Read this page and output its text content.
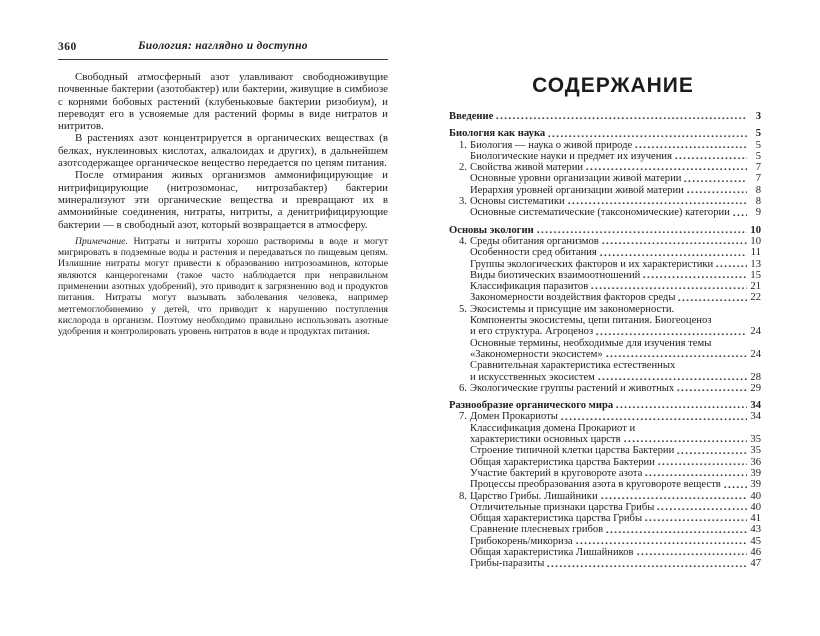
360	Биология: наглядно и доступно

Свободный атмосферный азот улавливают свободноживущие почвенные бактерии (азотобактер) или бактерии, живущие в симбиозе с корнями бобовых растений (клубеньковые бактерии ризобиум), и переводят его в усвояемые для растений формы в виде нитратов и нитритов.

В растениях азот концентрируется в органических веществах (в белках, нуклеиновых кислотах, алкалоидах и других), в дальнейшем азотсодержащее органическое вещество передается по цепям питания.

После отмирания живых организмов аммонифицирующие и нитрифицирующие (нитрозомонас, нитрозабактер) бактерии минерализуют эти органические вещества и превращают их в аммонийные соединения, нитраты, нитриты, а денитрифицирующие бактерии — в свободный азот, который возвращается в атмосферу.

Примечание. Нитраты и нитриты хорошо растворимы в воде и могут мигрировать в подземные воды и растения и передаваться по пищевым цепям. Излишние нитраты могут привести к образованию нитрозоаминов, которые являются канцерогенами (такое часто наблюдается при неправильном применении азотных удобрений), это приводит к загрязнению вод и продуктов питания. Нитраты могут вызывать заболевания человека, например метгемоглобинемию у детей, что приводит к нарушению поступления кислорода в организм. Поэтому необходимо правильно использовать азотные удобрения и контролировать уровень нитратов в воде и продуктах питания.

СОДЕРЖАНИЕ
Введение	3
Биология как наука	5
1. Биология — наука о живой природе	5
Биологические науки и предмет их изучения	5
2. Свойства живой материи	7
Основные уровни организации живой материи	7
Иерархия уровней организации живой материи	8
3. Основы систематики	8
Основные систематические (таксономические) категории	9
Основы экологии	10
4. Среды обитания организмов	10
Особенности сред обитания	11
Группы экологических факторов и их характеристики	13
Виды биотических взаимоотношений	15
Классификация паразитов	21
Закономерности воздействия факторов среды	22
5. Экосистемы и присущие им закономерности.
Компоненты экосистемы, цепи питания. Биогеоценоз
и его структура. Агроценоз	24
Основные термины, необходимые для изучения темы
«Закономерности экосистем»	24
Сравнительная характеристика естественных
и искусственных экосистем	28
6. Экологические группы растений и животных	29
Разнообразие органического мира	34
7. Домен Прокариоты	34
Классификация домена Прокариот и
характеристики основных царств	35
Строение типичной клетки царства Бактерии	35
Общая характеристика царства Бактерии	36
Участие бактерий в круговороте азота	39
Процессы преобразования азота в круговороте веществ	39
8. Царство Грибы. Лишайники	40
Отличительные признаки царства Грибы	40
Общая характеристика царства Грибы	41
Сравнение плесневых грибов	43
Грибокорень/микориза	45
Общая характеристика Лишайников	46
Грибы-паразиты	47
